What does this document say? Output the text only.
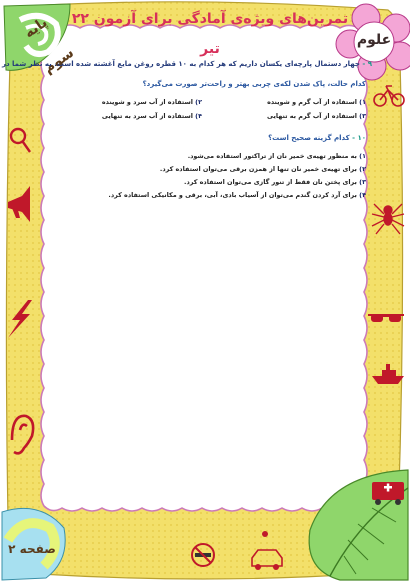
تمرین‌های ویژه‌ی آمادگی برای آزمون ۲۲ تیر
علوم
پایه سوم
صفحه ۲
۹ - چهار دستمال پارچه‌ای یکسان داریم که هر کدام به ۱۰ قطره روغن مایع آغشته شده است. به نظر شما در
کدام حالت، پاک شدن لکه‌ی چربی بهتر و راحت‌تر صورت می‌گیرد؟
۱) استفاده از آب گرم و شوینده
۲) استفاده از آب سرد و شوینده
۳) استفاده از آب گرم به تنهایی
۴) استفاده از آب سرد به تنهایی
۱۰ - کدام گزینه صحیح است؟
۱) به منظور تهیه‌ی خمیر نان از تراکتور استفاده می‌شود.
۲) برای تهیه‌ی خمیر نان تنها از همزن برقی می‌توان استفاده کرد.
۳) برای پختن نان فقط از تنور گازی می‌توان استفاده کرد.
۴) برای آرد کردن گندم می‌توان از آسیاب بادی، آبی، برقی و مکانیکی استفاده کرد.
